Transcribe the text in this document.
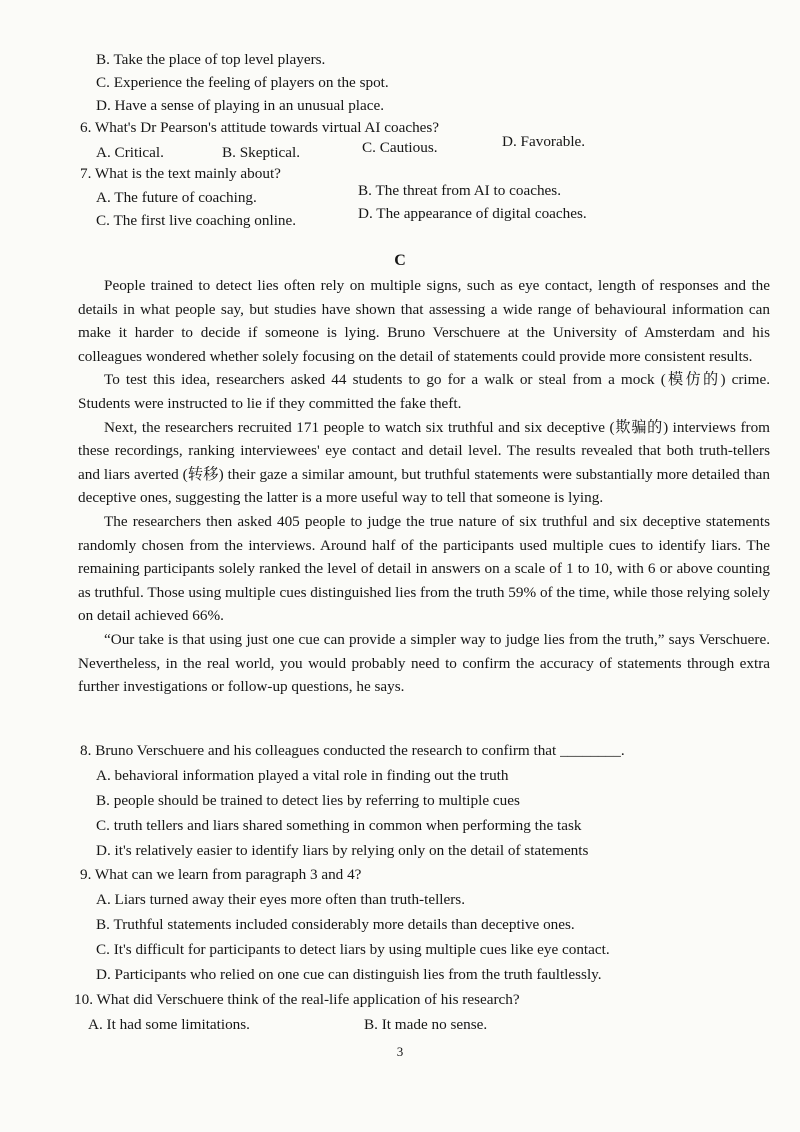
B. Take the place of top level players.
C. Experience the feeling of players on the spot.
D. Have a sense of playing in an unusual place.
6. What's Dr Pearson's attitude towards virtual AI coaches?
A. Critical.	B. Skeptical.	C. Cautious.	D. Favorable.
7. What is the text mainly about?
A. The future of coaching.	B. The threat from AI to coaches.
C. The first live coaching online.	D. The appearance of digital coaches.
C

People trained to detect lies often rely on multiple signs, such as eye contact, length of responses and the details in what people say, but studies have shown that assessing a wide range of behavioural information can make it harder to decide if someone is lying. Bruno Verschuere at the University of Amsterdam and his colleagues wondered whether solely focusing on the detail of statements could provide more consistent results.

To test this idea, researchers asked 44 students to go for a walk or steal from a mock (模仿的) crime. Students were instructed to lie if they committed the fake theft.

Next, the researchers recruited 171 people to watch six truthful and six deceptive (欺骗的) interviews from these recordings, ranking interviewees' eye contact and detail level. The results revealed that both truth-tellers and liars averted (转移) their gaze a similar amount, but truthful statements were substantially more detailed than deceptive ones, suggesting the latter is a more useful way to tell that someone is lying.

The researchers then asked 405 people to judge the true nature of six truthful and six deceptive statements randomly chosen from the interviews. Around half of the participants used multiple cues to identify liars. The remaining participants solely ranked the level of detail in answers on a scale of 1 to 10, with 6 or above counting as truthful. Those using multiple cues distinguished lies from the truth 59% of the time, while those relying solely on detail achieved 66%.

“Our take is that using just one cue can provide a simpler way to judge lies from the truth,” says Verschuere. Nevertheless, in the real world, you would probably need to confirm the accuracy of statements through extra further investigations or follow-up questions, he says.

8. Bruno Verschuere and his colleagues conducted the research to confirm that ________.
A. behavioral information played a vital role in finding out the truth
B. people should be trained to detect lies by referring to multiple cues
C. truth tellers and liars shared something in common when performing the task
D. it's relatively easier to identify liars by relying only on the detail of statements
9. What can we learn from paragraph 3 and 4?
A. Liars turned away their eyes more often than truth-tellers.
B. Truthful statements included considerably more details than deceptive ones.
C. It's difficult for participants to detect liars by using multiple cues like eye contact.
D. Participants who relied on one cue can distinguish lies from the truth faultlessly.
10. What did Verschuere think of the real-life application of his research?
A. It had some limitations.	B. It made no sense.
3
